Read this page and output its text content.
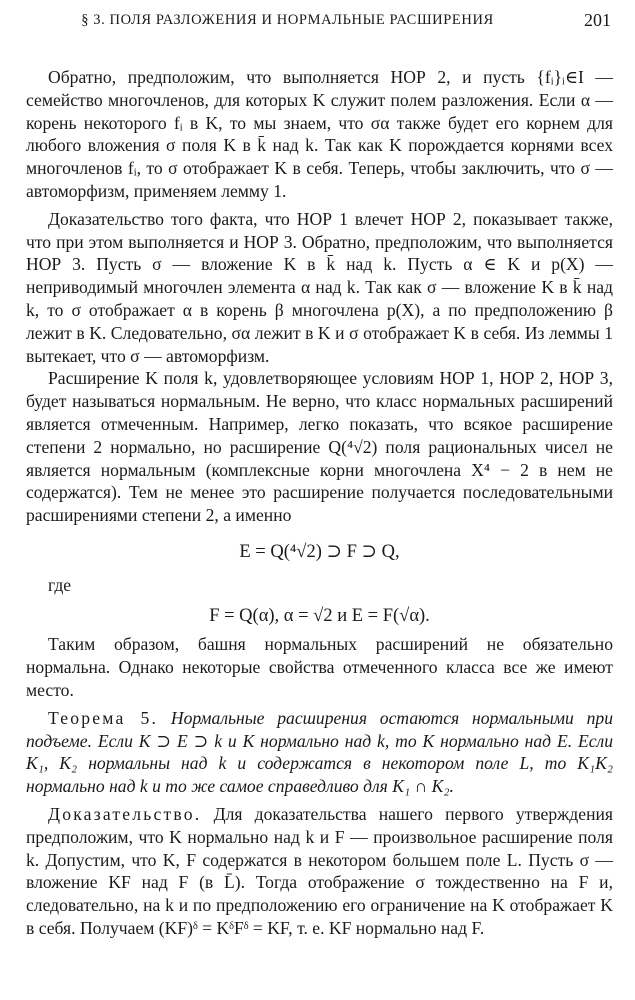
§ 3. ПОЛЯ РАЗЛОЖЕНИЯ И НОРМАЛЬНЫЕ РАСШИРЕНИЯ	201

Обратно, предположим, что выполняется НОР 2, и пусть {fᵢ}ᵢ∈I — семейство многочленов, для которых K служит полем разложения. Если α — корень некоторого fᵢ в K, то мы знаем, что σα также будет его корнем для любого вложения σ поля K в k̄ над k. Так как K порождается корнями всех многочленов fᵢ, то σ отображает K в себя. Теперь, чтобы заключить, что σ — автоморфизм, применяем лемму 1.

Доказательство того факта, что НОР 1 влечет НОР 2, показывает также, что при этом выполняется и НОР 3. Обратно, предположим, что выполняется НОР 3. Пусть σ — вложение K в k̄ над k. Пусть α ∈ K и p(X) — неприводимый многочлен элемента α над k. Так как σ — вложение K в k̄ над k, то σ отображает α в корень β многочлена p(X), а по предположению β лежит в K. Следовательно, σα лежит в K и σ отображает K в себя. Из леммы 1 вытекает, что σ — автоморфизм.

Расширение K поля k, удовлетворяющее условиям НОР 1, НОР 2, НОР 3, будет называться нормальным. Не верно, что класс нормальных расширений является отмеченным. Например, легко показать, что всякое расширение степени 2 нормально, но расширение Q(⁴√2) поля рациональных чисел не является нормальным (комплексные корни многочлена X⁴ − 2 в нем не содержатся). Тем не менее это расширение получается последовательными расширениями степени 2, а именно

E = Q(⁴√2) ⊃ F ⊃ Q,

где

F = Q(α), α = √2 и E = F(√α).

Таким образом, башня нормальных расширений не обязательно нормальна. Однако некоторые свойства отмеченного класса все же имеют место.

Теорема 5. Нормальные расширения остаются нормальными при подъеме. Если K ⊃ E ⊃ k и K нормально над k, то K нормально над E. Если K₁, K₂ нормальны над k и содержатся в некотором поле L, то K₁K₂ нормально над k и то же самое справедливо для K₁ ∩ K₂.

Доказательство. Для доказательства нашего первого утверждения предположим, что K нормально над k и F — произвольное расширение поля k. Допустим, что K, F содержатся в некотором большем поле L. Пусть σ — вложение KF над F (в L̄). Тогда отображение σ тождественно на F и, следовательно, на k и по предположению его ограничение на K отображает K в себя. Получаем (KF)ᵟ = KᵟFᵟ = KF, т. е. KF нормально над F.
